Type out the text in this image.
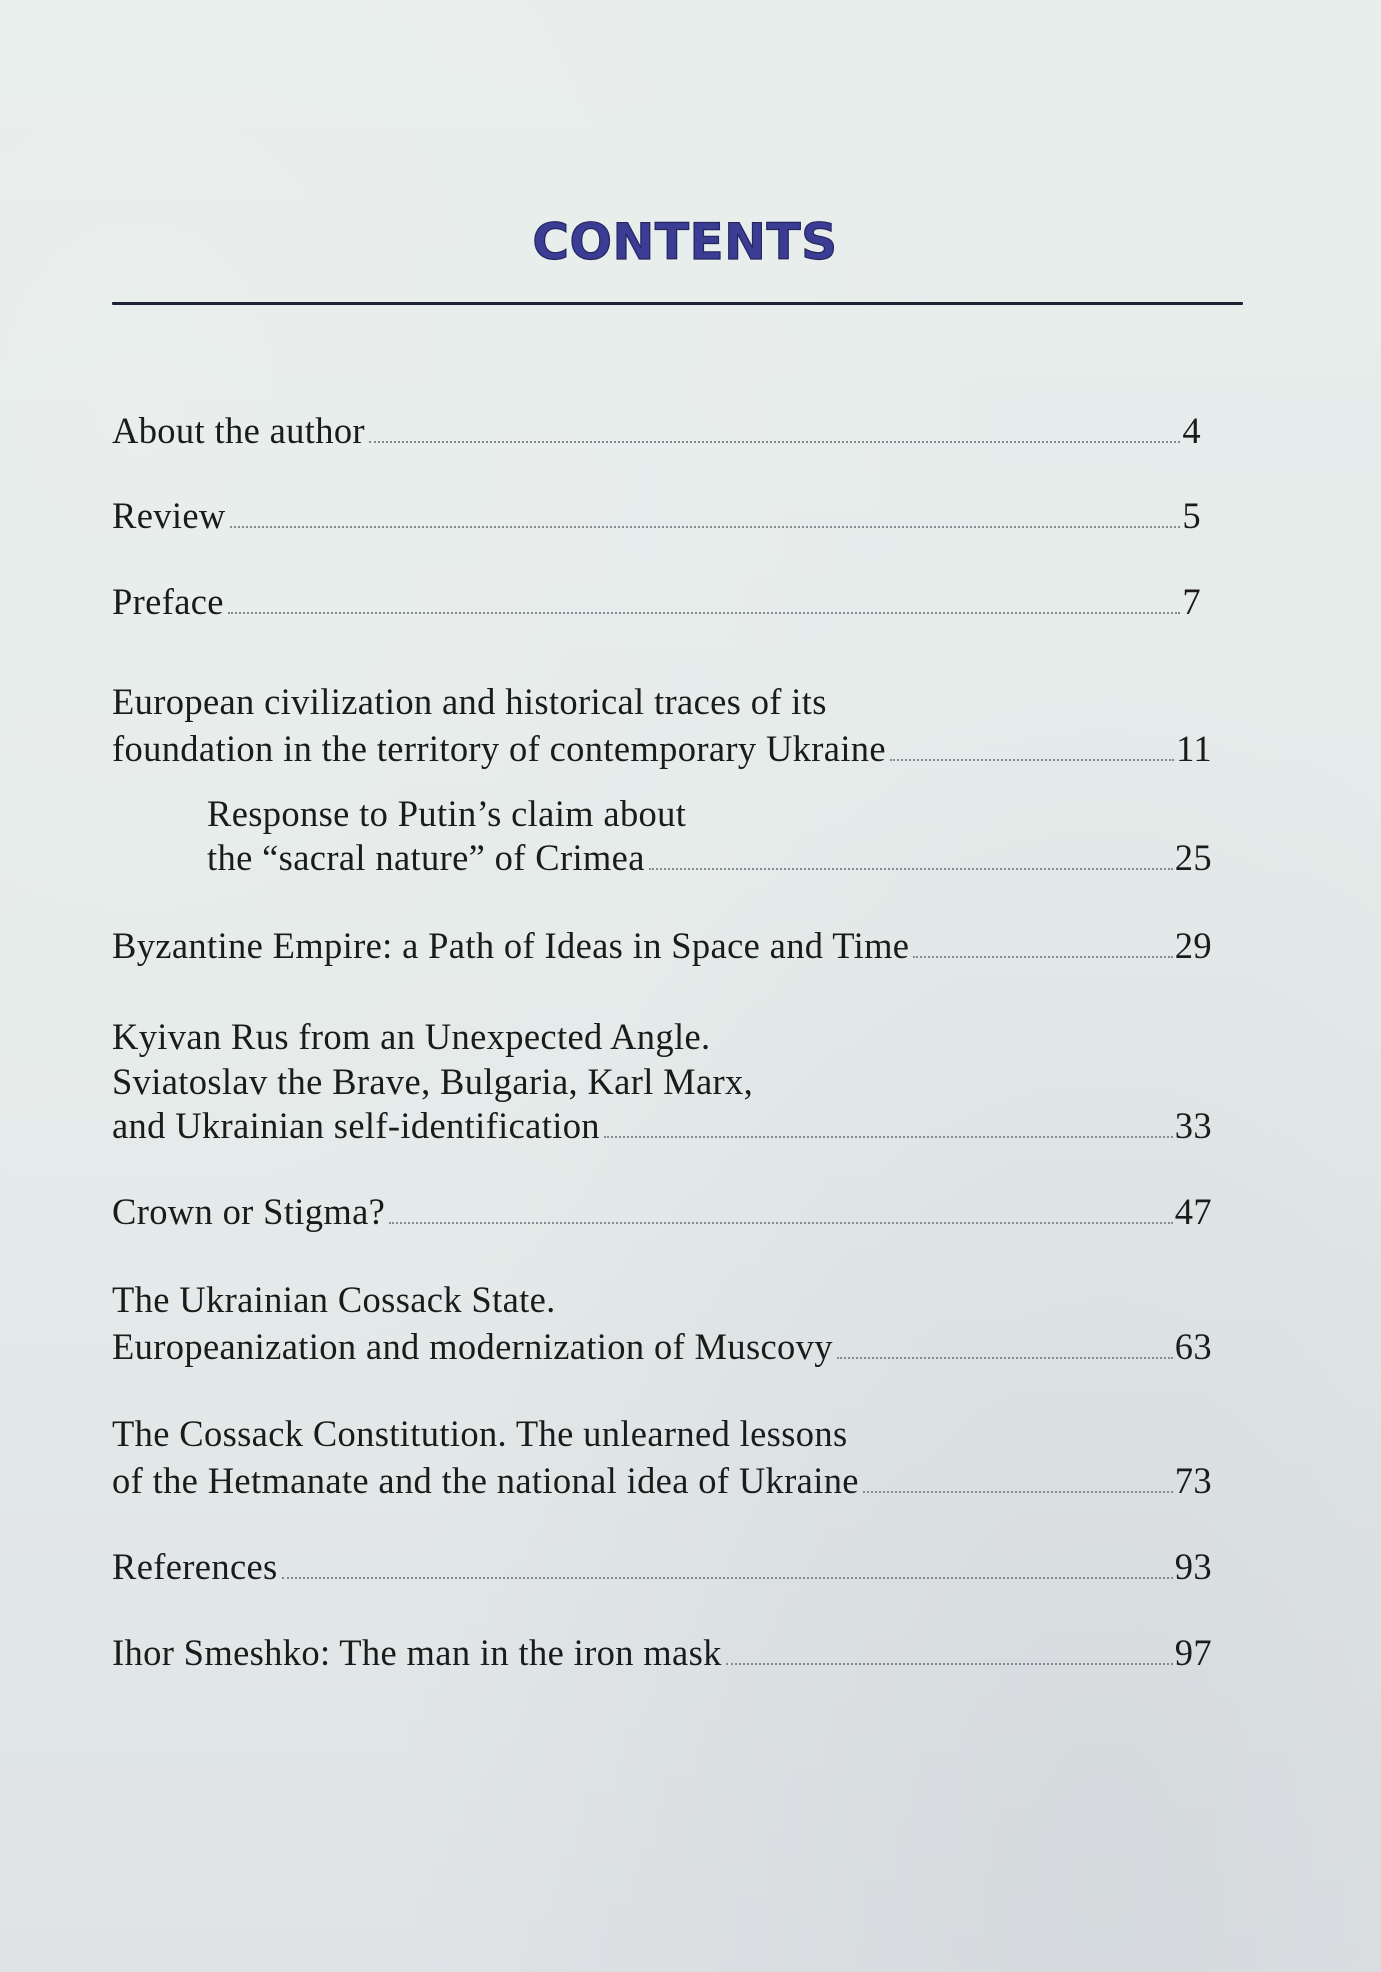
CONTENTS
About the author	4
Review	5
Preface	7
European civilization and historical traces of its
foundation in the territory of contemporary Ukraine	11
Response to Putin’s claim about
the “sacral nature” of Crimea	25
Byzantine Empire: a Path of Ideas in Space and Time	29
Kyivan Rus from an Unexpected Angle.
Sviatoslav the Brave, Bulgaria, Karl Marx,
and Ukrainian self-identification	33
Crown or Stigma?	47
The Ukrainian Cossack State.
Europeanization and modernization of Muscovy	63
The Cossack Constitution. The unlearned lessons
of the Hetmanate and the national idea of Ukraine	73
References	93
Ihor Smeshko: The man in the iron mask	97
